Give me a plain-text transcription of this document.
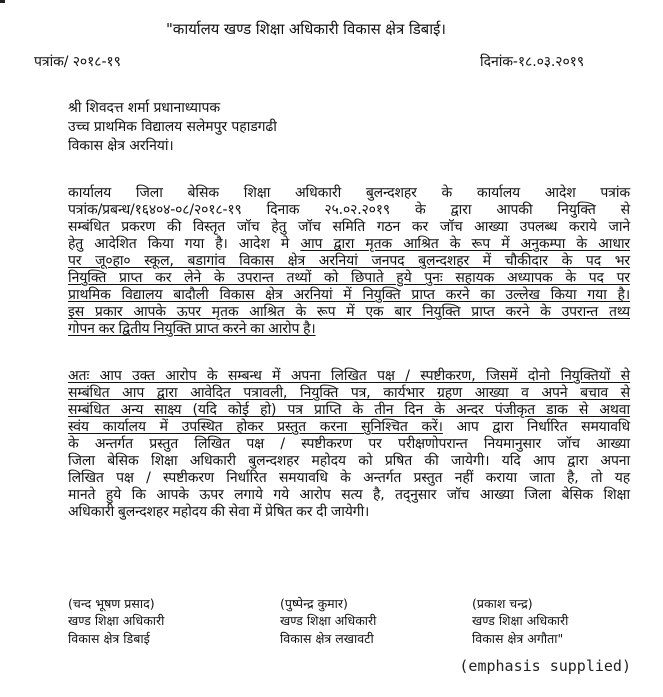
"कार्यालय खण्ड शिक्षा अधिकारी विकास क्षेत्र डिबाई।
पत्रांक/ २०१८-१९	दिनांक-१८.०३.२०१९
श्री शिवदत्त शर्मा प्रधानाध्यापक
उच्च प्राथमिक विद्यालय सलेमपुर पहाडगढी
विकास क्षेत्र अरनियां।
कार्यालय जिला बेसिक शिक्षा अधिकारी बुलन्दशहर के कार्यालय आदेश पत्रांक
पत्रांक/प्रबन्ध/१६४०४-०८/२०१८-१९ दिनाक २५.०२.२०१९ के द्वारा आपकी नियुक्ति से
सम्बंधित प्रकरण की विस्तृत जॉच हेतु जॉच समिति गठन कर जॉच आख्या उपलब्ध कराये जाने
हेतु आदेशित किया गया है। आदेश मे आप द्वारा मृतक आश्रित के रूप में अनुकम्पा के आधार
पर जू०हा० स्कूल, बडागांव विकास क्षेत्र अरनियां जनपद बुलन्दशहर में चौकीदार के पद भर
नियुक्ति प्राप्त कर लेने के उपरान्त तथ्यों को छिपाते हुये पुनः सहायक अध्यापक के पद पर
प्राथमिक विद्यालय बादौली विकास क्षेत्र अरनियां में नियुक्ति प्राप्त करने का उल्लेख किया गया है।
इस प्रकार आपके ऊपर मृतक आश्रित के रूप में एक बार नियुक्ति प्राप्त करने के उपरान्त तथ्य
गोपन कर द्वितीय नियुक्ति प्राप्त करने का आरोप है।
अतः आप उक्त आरोप के सम्बन्ध में अपना लिखित पक्ष / स्पष्टीकरण, जिसमें दोनो नियुक्तियों से
सम्बंधित आप द्वारा आवेदित पत्रावली, नियुक्ति पत्र, कार्यभार ग्रहण आख्या व अपने बचाव से
सम्बंधित अन्य साक्ष्य (यदि कोई हो) पत्र प्राप्ति के तीन दिन के अन्दर पंजीकृत डाक से अथवा
स्वंय कार्यालय में उपस्थित होकर प्रस्तुत करना सुनिश्चित करें। आप द्वारा निर्धारित समयावधि
के अन्तर्गत प्रस्तुत लिखित पक्ष / स्पष्टीकरण पर परीक्षणोपरान्त नियमानुसार जॉच आख्या
जिला बेसिक शिक्षा अधिकारी बुलन्दशहर महोदय को प्रषित की जायेगी। यदि आप द्वारा अपना
लिखित पक्ष / स्पष्टीकरण निर्धारित समयावधि के अन्तर्गत प्रस्तुत नहीं कराया जाता है, तो यह
मानते हुये कि आपके ऊपर लगाये गये आरोप सत्य है, तद्नुसार जॉच आख्या जिला बेसिक शिक्षा
अधिकारी बुलन्दशहर महोदय की सेवा में प्रेषित कर दी जायेगी।
(चन्द भूषण प्रसाद)
खण्ड शिक्षा अधिकारी
विकास क्षेत्र डिबाई
(पुष्पेन्द्र कुमार)
खण्ड शिक्षा अधिकारी
विकास क्षेत्र लखावटी
(प्रकाश चन्द्र)
खण्ड शिक्षा अधिकारी
विकास क्षेत्र अगौता"
(emphasis supplied)
